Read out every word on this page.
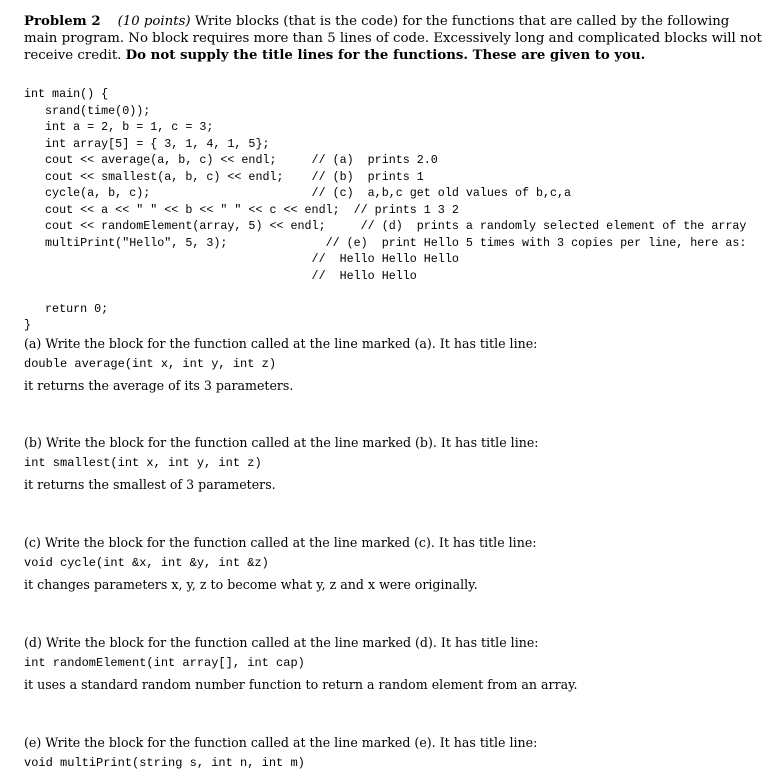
Problem 2 (10 points) Write blocks (that is the code) for the functions that are called by the following main program. No block requires more than 5 lines of code. Excessively long and complicated blocks will not receive credit. Do not supply the title lines for the functions. These are given to you.
int main() {
srand(time(0));
int a = 2, b = 1, c = 3;
int array[5] = { 3, 1, 4, 1, 5};
cout << average(a, b, c) << endl;     // (a)  prints 2.0
cout << smallest(a, b, c) << endl;    // (b)  prints 1
cycle(a, b, c);                       // (c)  a,b,c get old values of b,c,a
cout << a << " " << b << " " << c << endl;  // prints 1 3 2
cout << randomElement(array, 5) << endl;     // (d)  prints a randomly selected element of the array
multiPrint("Hello", 5, 3);              // (e)  print Hello 5 times with 3 copies per line, here as:
//  Hello Hello Hello
//  Hello Hello

return 0;
}
(a) Write the block for the function called at the line marked (a). It has title line:
double average(int x, int y, int z)
it returns the average of its 3 parameters.
(b) Write the block for the function called at the line marked (b). It has title line:
int smallest(int x, int y, int z)
it returns the smallest of 3 parameters.
(c) Write the block for the function called at the line marked (c). It has title line:
void cycle(int &x, int &y, int &z)
it changes parameters x, y, z to become what y, z and x were originally.
(d) Write the block for the function called at the line marked (d). It has title line:
int randomElement(int array[], int cap)
it uses a standard random number function to return a random element from an array.
(e) Write the block for the function called at the line marked (e). It has title line:
void multiPrint(string s, int n, int m)
